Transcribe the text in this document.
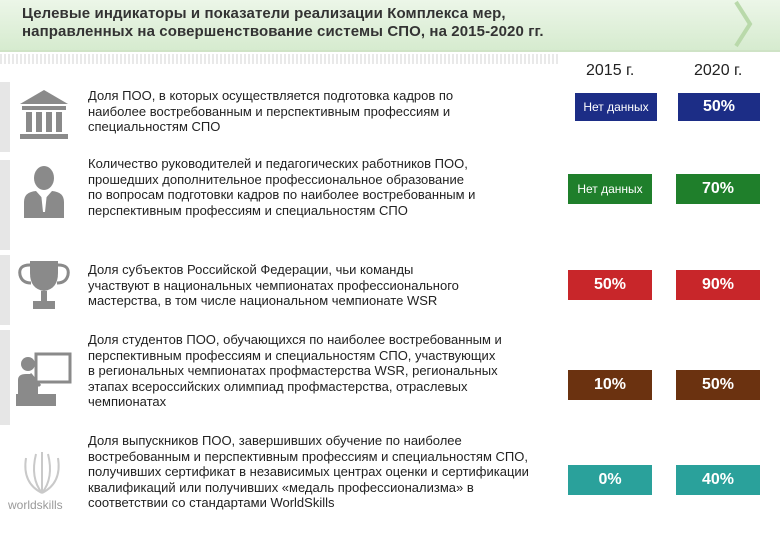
Целевые индикаторы и показатели реализации Комплекса мер,
направленных на совершенствование системы СПО, на 2015-2020 гг.
2015 г.	2020 г.
Доля ПОО, в которых осуществляется подготовка кадров по
наиболее востребованным и перспективным профессиям и
специальностям СПО
Нет данных	50%
Количество руководителей и педагогических работников ПОО,
прошедших дополнительное профессиональное образование
по вопросам подготовки кадров по наиболее востребованным и
перспективным профессиям и специальностям СПО
Нет данных	70%
Доля субъектов Российской Федерации, чьи команды
участвуют в национальных чемпионатах профессионального
мастерства, в том числе национальном чемпионате WSR
50%	90%
Доля студентов ПОО, обучающихся по наиболее востребованным и
перспективным профессиям и специальностям СПО, участвующих
в региональных чемпионатах профмастерства WSR, региональных
этапах всероссийских олимпиад профмастерства, отраслевых
чемпионатах
10%	50%
worldskills
Доля выпускников ПОО, завершивших обучение по наиболее
востребованным и перспективным профессиям и специальностям СПО,
получивших сертификат в независимых центрах оценки и сертификации
квалификаций или получивших «медаль профессионализма» в
соответствии со стандартами WorldSkills
0%	40%
